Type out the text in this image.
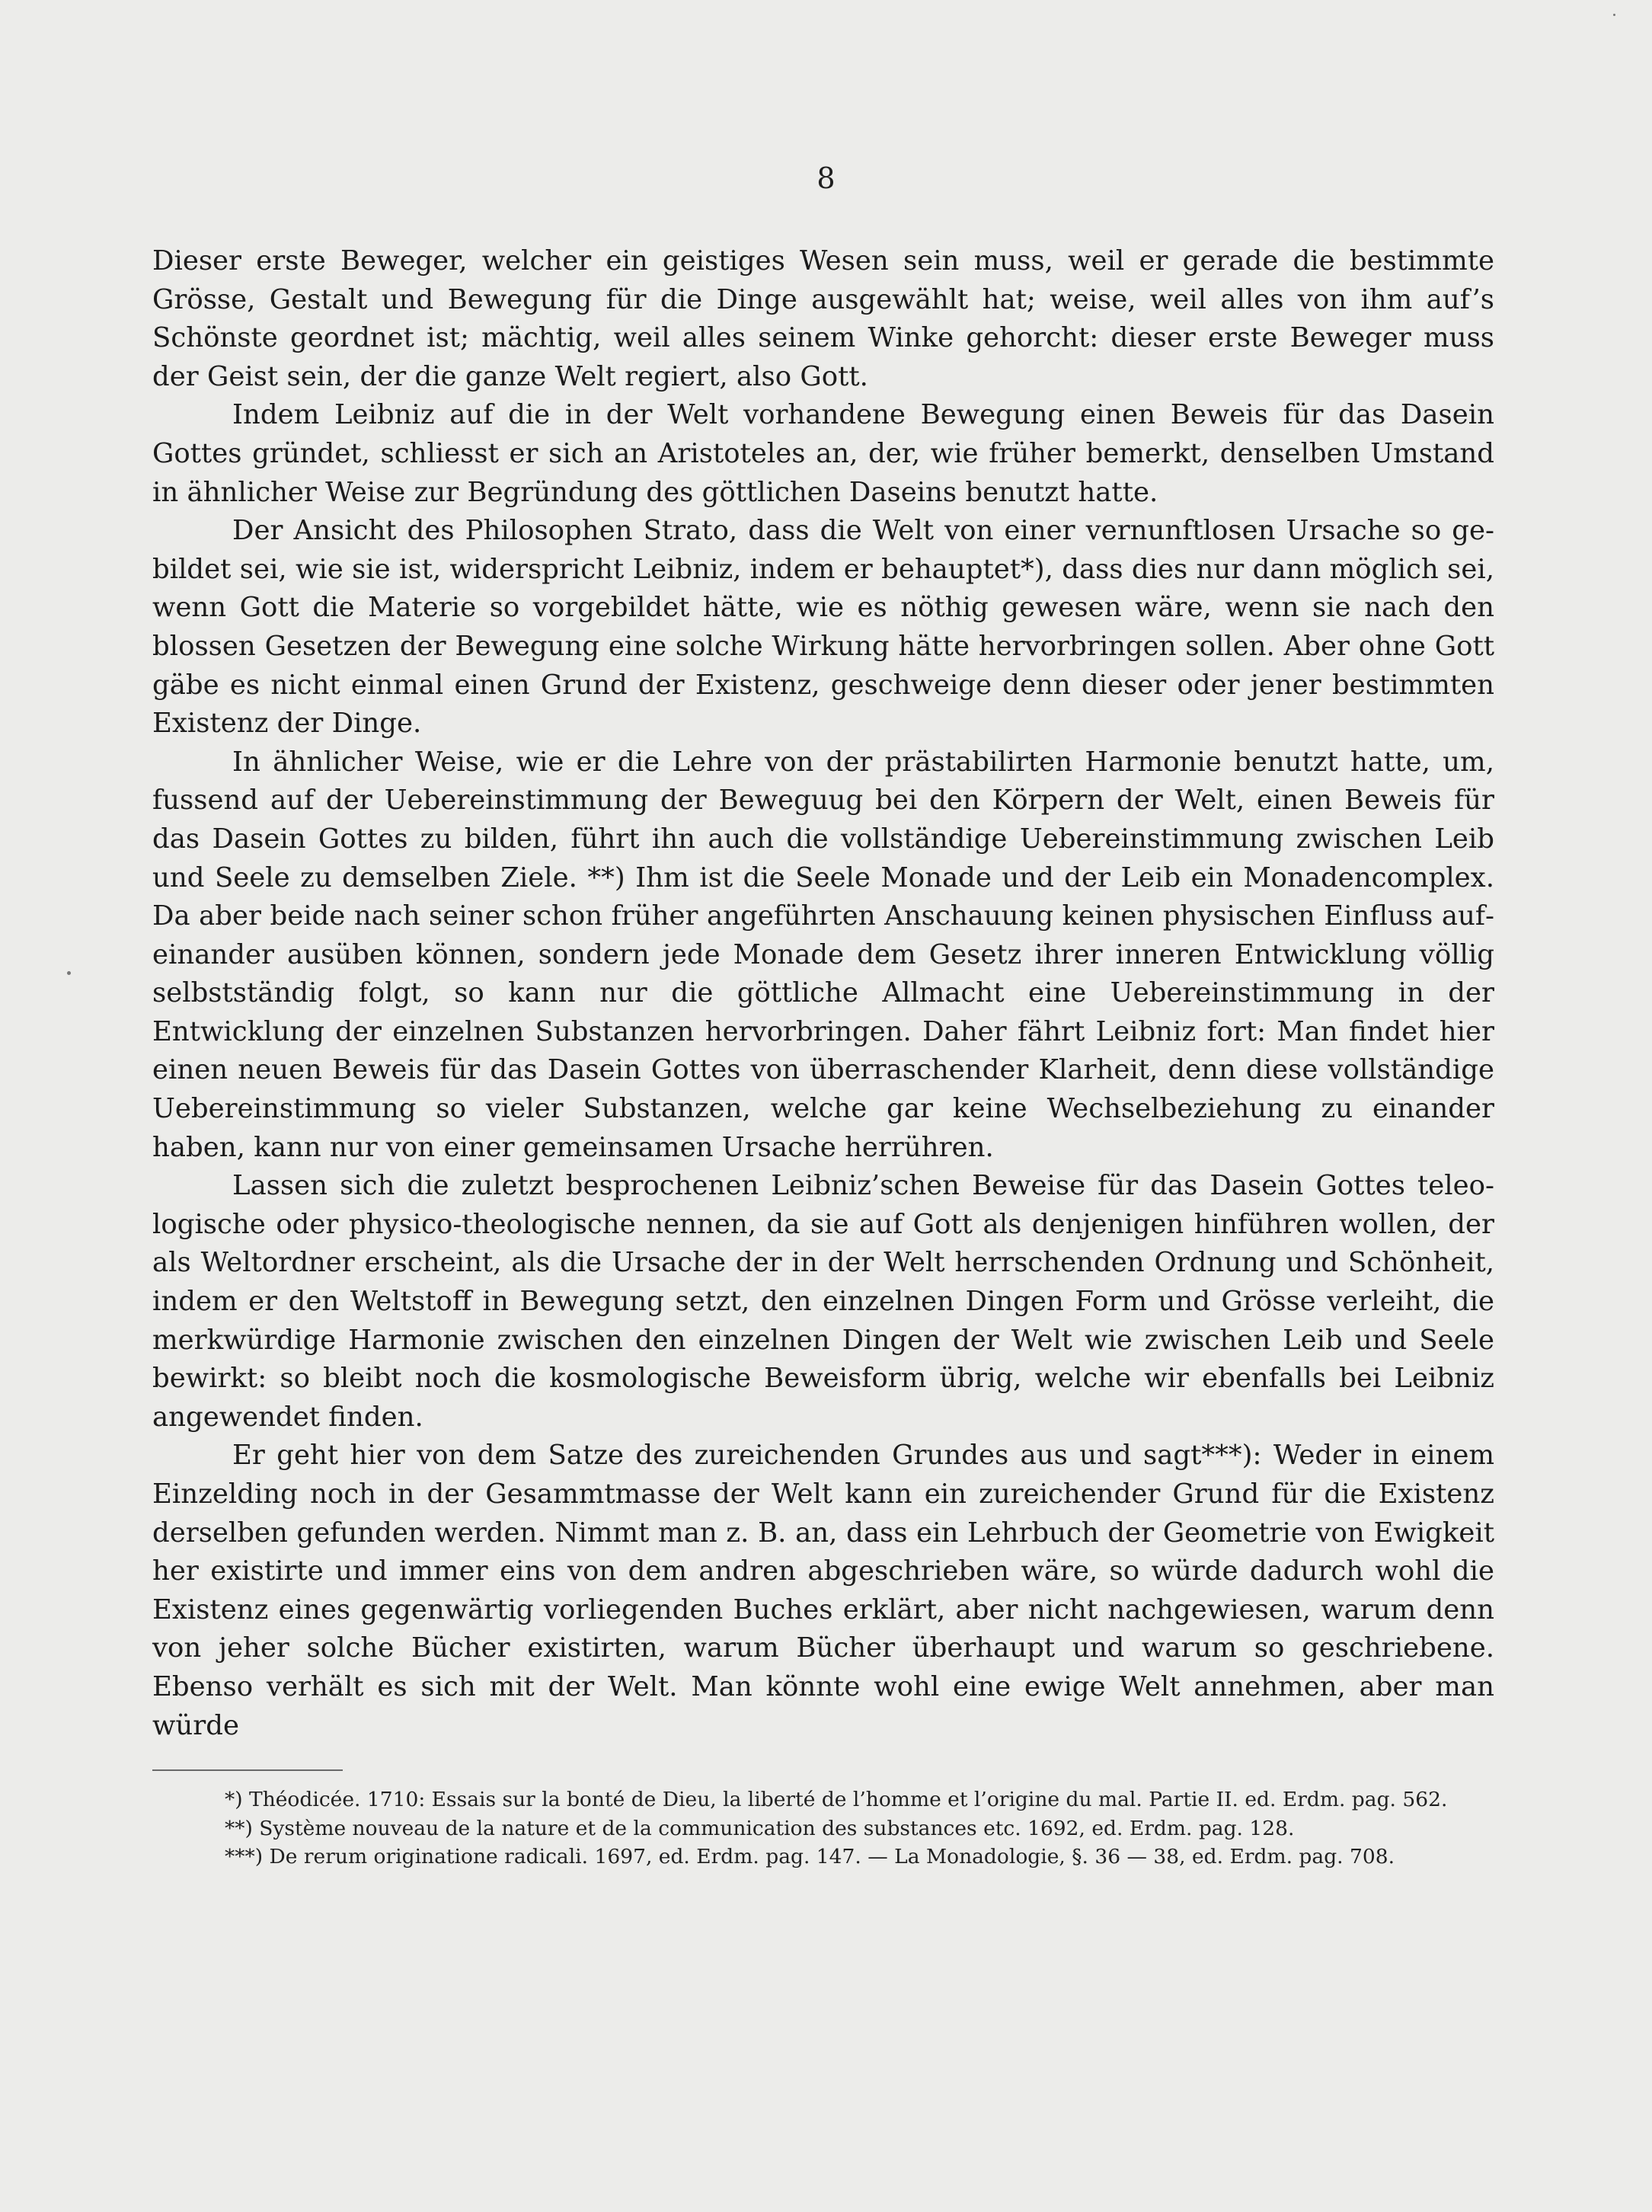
8

Dieser erste Beweger, welcher ein geistiges Wesen sein muss, weil er gerade die bestimmte Grösse, Gestalt und Bewegung für die Dinge ausgewählt hat; weise, weil alles von ihm auf’s Schönste geordnet ist; mächtig, weil alles seinem Winke gehorcht: dieser erste Beweger muss der Geist sein, der die ganze Welt regiert, also Gott.

Indem Leibniz auf die in der Welt vorhandene Bewegung einen Beweis für das Dasein Gottes gründet, schliesst er sich an Aristoteles an, der, wie früher bemerkt, denselben Umstand in ähnlicher Weise zur Begründung des göttlichen Daseins benutzt hatte.

Der Ansicht des Philosophen Strato, dass die Welt von einer vernunftlosen Ursache so gebildet sei, wie sie ist, widerspricht Leibniz, indem er behauptet*), dass dies nur dann möglich sei, wenn Gott die Materie so vorgebildet hätte, wie es nöthig gewesen wäre, wenn sie nach den blossen Gesetzen der Bewegung eine solche Wirkung hätte hervorbringen sollen. Aber ohne Gott gäbe es nicht einmal einen Grund der Existenz, geschweige denn dieser oder jener bestimmten Existenz der Dinge.

In ähnlicher Weise, wie er die Lehre von der prästabilirten Harmonie benutzt hatte, um, fussend auf der Uebereinstimmung der Beweguug bei den Körpern der Welt, einen Beweis für das Dasein Gottes zu bilden, führt ihn auch die vollständige Uebereinstimmung zwischen Leib und Seele zu demselben Ziele. **) Ihm ist die Seele Monade und der Leib ein Monadencomplex. Da aber beide nach seiner schon früher angeführten Anschauung keinen physischen Einfluss auf einander ausüben können, sondern jede Monade dem Gesetz ihrer inneren Entwicklung völlig selbstständig folgt, so kann nur die göttliche Allmacht eine Uebereinstimmung in der Entwicklung der einzelnen Substanzen hervorbringen. Daher fährt Leibniz fort: Man findet hier einen neuen Beweis für das Dasein Gottes von überraschender Klarheit, denn diese vollständige Uebereinstimmung so vieler Substanzen, welche gar keine Wechselbeziehung zu einander haben, kann nur von einer gemeinsamen Ursache herrühren.

Lassen sich die zuletzt besprochenen Leibniz’schen Beweise für das Dasein Gottes teleologische oder physico-theologische nennen, da sie auf Gott als denjenigen hinführen wollen, der als Weltordner erscheint, als die Ursache der in der Welt herrschenden Ordnung und Schönheit, indem er den Weltstoff in Bewegung setzt, den einzelnen Dingen Form und Grösse verleiht, die merkwürdige Harmonie zwischen den einzelnen Dingen der Welt wie zwischen Leib und Seele bewirkt: so bleibt noch die kosmologische Beweisform übrig, welche wir ebenfalls bei Leibniz angewendet finden.

Er geht hier von dem Satze des zureichenden Grundes aus und sagt***): Weder in einem Einzelding noch in der Gesammtmasse der Welt kann ein zureichender Grund für die Existenz derselben gefunden werden. Nimmt man z. B. an, dass ein Lehrbuch der Geometrie von Ewigkeit her existirte und immer eins von dem andren abgeschrieben wäre, so würde dadurch wohl die Existenz eines gegenwärtig vorliegenden Buches erklärt, aber nicht nachgewiesen, warum denn von jeher solche Bücher existirten, warum Bücher überhaupt und warum so geschriebene. Ebenso verhält es sich mit der Welt. Man könnte wohl eine ewige Welt annehmen, aber man würde

*) Théodicée. 1710: Essais sur la bonté de Dieu, la liberté de l’homme et l’origine du mal. Partie II. ed. Erdm. pag. 562.

**) Système nouveau de la nature et de la communication des substances etc. 1692, ed. Erdm. pag. 128.

***) De rerum originatione radicali. 1697, ed. Erdm. pag. 147. — La Monadologie, §. 36 — 38, ed. Erdm. pag. 708.
